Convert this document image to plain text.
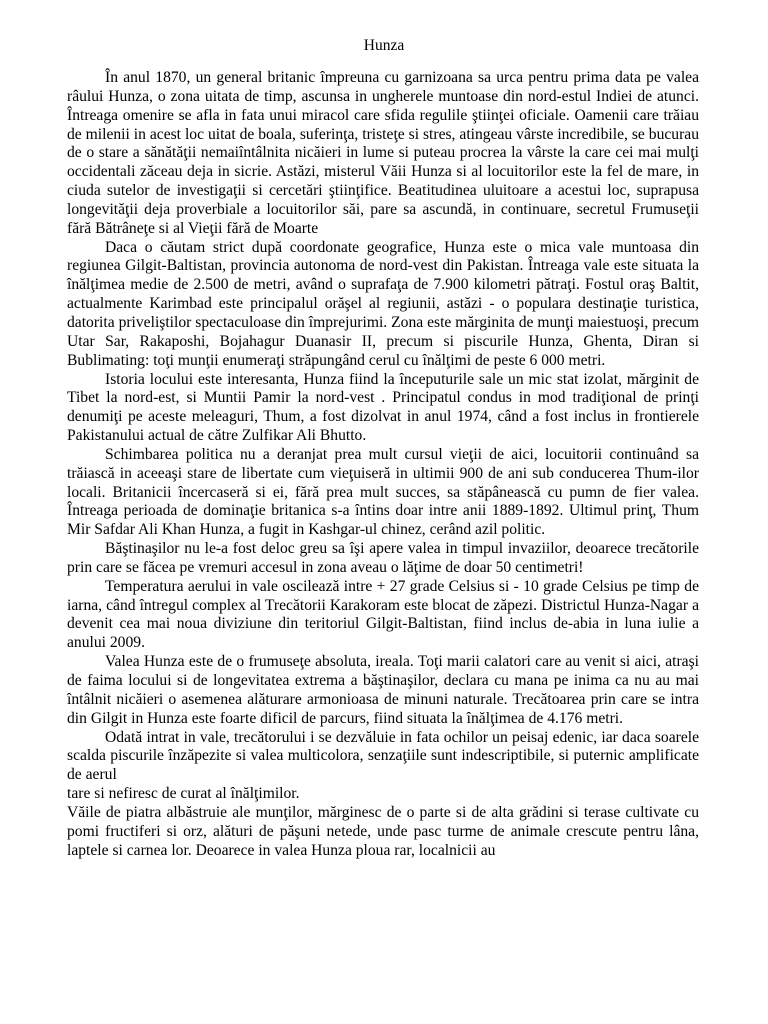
Hunza

În anul 1870, un general britanic împreuna cu garnizoana sa urca pentru prima data pe valea râului Hunza, o zona uitata de timp, ascunsa in ungherele muntoase din nord-estul Indiei de atunci. Întreaga omenire se afla in fata unui miracol care sfida regulile ştiinţei oficiale. Oamenii care trăiau de milenii in acest loc uitat de boala, suferinţa, tristeţe si stres, atingeau vârste incredibile, se bucurau de o stare a sănătăţii nemaiîntâlnita nicăieri in lume si puteau procrea la vârste la care cei mai mulţi occidentali zăceau deja in sicrie. Astăzi, misterul Văii Hunza si al locuitorilor este la fel de mare, in ciuda sutelor de investigaţii si cercetări ştiinţifice. Beatitudinea uluitoare a acestui loc, suprapusa longevităţii deja proverbiale a locuitorilor săi, pare sa ascundă, in continuare, secretul Frumuseţii fără Bătrâneţe si al Vieţii fără de Moarte

Daca o căutam strict după coordonate geografice, Hunza este o mica vale muntoasa din regiunea Gilgit-Baltistan, provincia autonoma de nord-vest din Pakistan. Întreaga vale este situata la înălţimea medie de 2.500 de metri, având o suprafaţa de 7.900 kilometri pătraţi. Fostul oraş Baltit, actualmente Karimbad este principalul orăşel al regiunii, astăzi - o populara destinaţie turistica, datorita priveliştilor spectaculoase din împrejurimi. Zona este mărginita de munţi maiestuoşi, precum Utar Sar, Rakaposhi, Bojahagur Duanasir II, precum si piscurile Hunza, Ghenta, Diran si Bublimating: toţi munţii enumeraţi străpungând cerul cu înălţimi de peste 6 000 metri.

Istoria locului este interesanta, Hunza fiind la începuturile sale un mic stat izolat, mărginit de Tibet la nord-est, si Muntii Pamir la nord-vest . Principatul condus in mod tradiţional de prinţi denumiţi pe aceste meleaguri, Thum, a fost dizolvat in anul 1974, când a fost inclus in frontierele Pakistanului actual de către Zulfikar Ali Bhutto.

Schimbarea politica nu a deranjat prea mult cursul vieţii de aici, locuitorii continuând sa trăiască in aceeaşi stare de libertate cum vieţuiseră in ultimii 900 de ani sub conducerea Thum-ilor locali. Britanicii încercaseră si ei, fără prea mult succes, sa stăpânească cu pumn de fier valea. Întreaga perioada de dominaţie britanica s-a întins doar intre anii 1889-1892. Ultimul prinţ, Thum Mir Safdar Ali Khan Hunza, a fugit in Kashgar-ul chinez, cerând azil politic.

Băştinaşilor nu le-a fost deloc greu sa îşi apere valea in timpul invaziilor, deoarece trecătorile prin care se făcea pe vremuri accesul in zona aveau o lăţime de doar 50 centimetri!

Temperatura aerului in vale oscilează intre + 27 grade Celsius si - 10 grade Celsius pe timp de iarna, când întregul complex al Trecătorii Karakoram este blocat de zăpezi. Districtul Hunza-Nagar a devenit cea mai noua diviziune din teritoriul Gilgit-Baltistan, fiind inclus de-abia in luna iulie a anului 2009.

Valea Hunza este de o frumuseţe absoluta, ireala. Toţi marii calatori care au venit si aici, atraşi de faima locului si de longevitatea extrema a băştinaşilor, declara cu mana pe inima ca nu au mai întâlnit nicăieri o asemenea alăturare armonioasa de minuni naturale. Trecătoarea prin care se intra din Gilgit in Hunza este foarte dificil de parcurs, fiind situata la înălţimea de 4.176 metri.

Odată intrat in vale, trecătorului i se dezvăluie in fata ochilor un peisaj edenic, iar daca soarele scalda piscurile înzăpezite si valea multicolora, senzaţiile sunt indescriptibile, si puternic amplificate de aerul

tare si nefiresc de curat al înălţimilor.

Văile de piatra albăstruie ale munţilor, mărginesc de o parte si de alta grădini si terase cultivate cu pomi fructiferi si orz, alături de păşuni netede, unde pasc turme de animale crescute pentru lâna, laptele si carnea lor. Deoarece in valea Hunza ploua rar, localnicii au
